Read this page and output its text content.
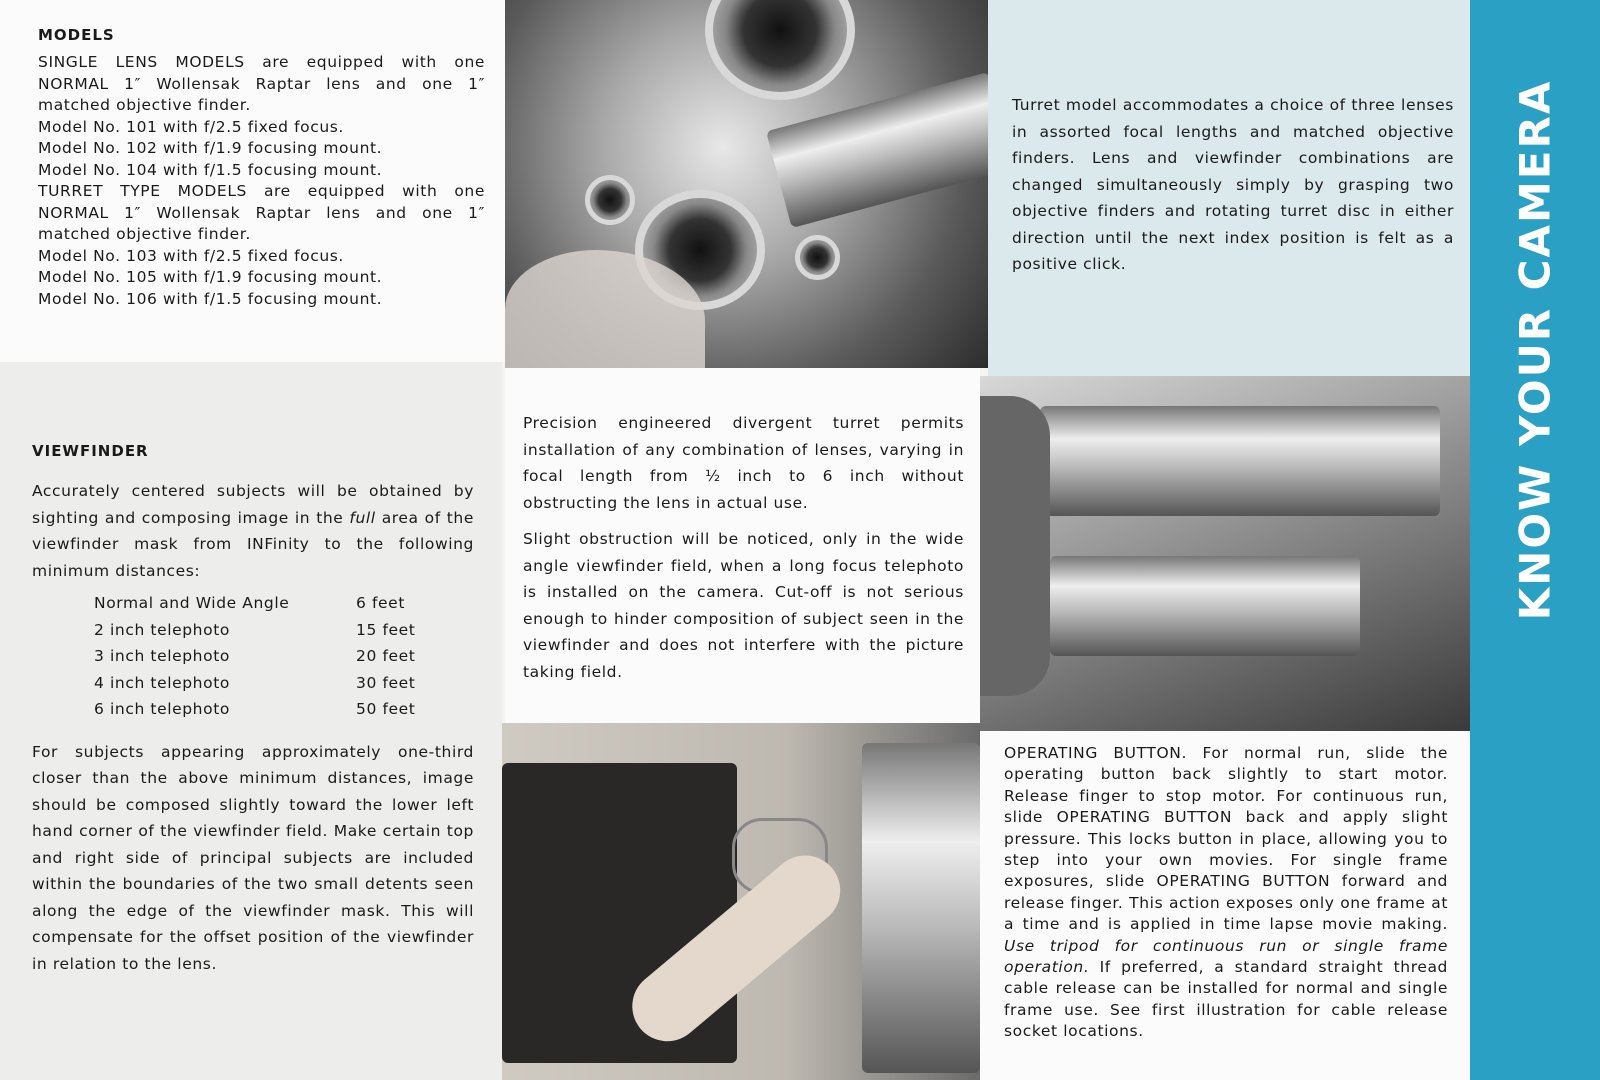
MODELS

SINGLE LENS MODELS are equipped with one NORMAL 1″ Wollensak Raptar lens and one 1″ matched objective finder.

Model No. 101 with f/2.5 fixed focus.

Model No. 102 with f/1.9 focusing mount.

Model No. 104 with f/1.5 focusing mount.

TURRET TYPE MODELS are equipped with one NORMAL 1″ Wollensak Raptar lens and one 1″ matched objective finder.

Model No. 103 with f/2.5 fixed focus.

Model No. 105 with f/1.9 focusing mount.

Model No. 106 with f/1.5 focusing mount.

Turret model accommodates a choice of three lenses in assorted focal lengths and matched objective finders. Lens and viewfinder combinations are changed simultaneously simply by grasping two objective finders and rotating turret disc in either direction until the next index position is felt as a positive click.	KNOW YOUR CAMERA
VIEWFINDER

Accurately centered subjects will be obtained by sighting and composing image in the full area of the viewfinder mask from INFinity to the following minimum distances:

Normal and Wide Angle	6 feet
2 inch telephoto	15 feet
3 inch telephoto	20 feet
4 inch telephoto	30 feet
6 inch telephoto	50 feet

For subjects appearing approximately one-third closer than the above minimum distances, image should be composed slightly toward the lower left hand corner of the viewfinder field. Make certain top and right side of principal subjects are included within the boundaries of the two small detents seen along the edge of the viewfinder mask. This will compensate for the offset position of the viewfinder in relation to the lens.

Precision engineered divergent turret permits installation of any combination of lenses, varying in focal length from ½ inch to 6 inch without obstructing the lens in actual use.

Slight obstruction will be noticed, only in the wide angle viewfinder field, when a long focus telephoto is installed on the camera. Cut-off is not serious enough to hinder composition of subject seen in the viewfinder and does not interfere with the picture taking field.

OPERATING BUTTON. For normal run, slide the operating button back slightly to start motor. Release finger to stop motor. For continuous run, slide OPERATING BUTTON back and apply slight pressure. This locks button in place, allowing you to step into your own movies. For single frame exposures, slide OPERATING BUTTON forward and release finger. This action exposes only one frame at a time and is applied in time lapse movie making. Use tripod for continuous run or single frame operation. If preferred, a standard straight thread cable release can be installed for normal and single frame use. See first illustration for cable release socket locations.
